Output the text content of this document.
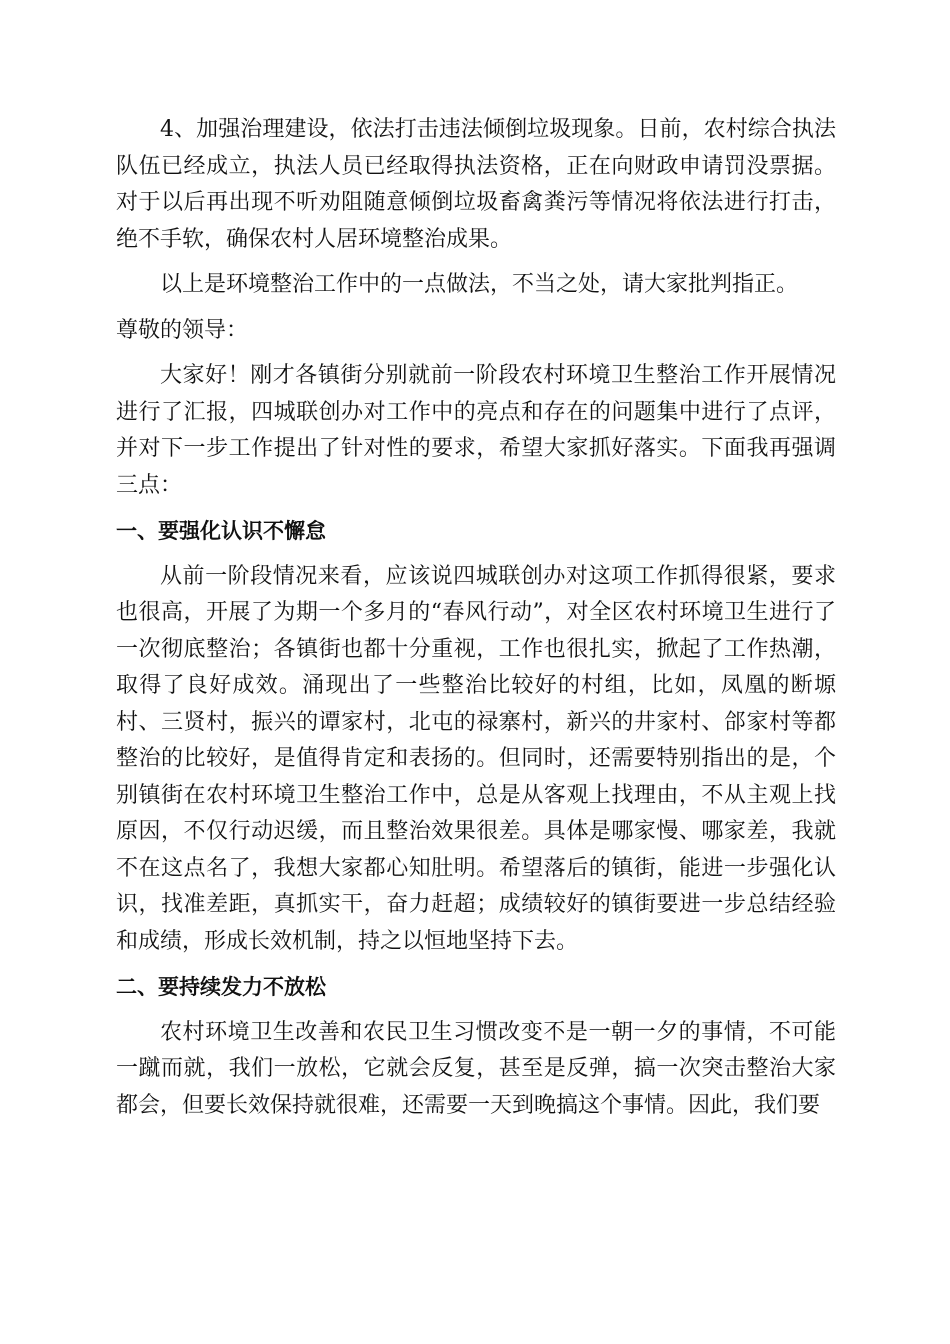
4、加强治理建设，依法打击违法倾倒垃圾现象。日前，农村综合执法队伍已经成立，执法人员已经取得执法资格，正在向财政申请罚没票据。对于以后再出现不听劝阻随意倾倒垃圾畜禽粪污等情况将依法进行打击，绝不手软，确保农村人居环境整治成果。

以上是环境整治工作中的一点做法，不当之处，请大家批判指正。

尊敬的领导：

大家好！刚才各镇街分别就前一阶段农村环境卫生整治工作开展情况进行了汇报，四城联创办对工作中的亮点和存在的问题集中进行了点评，并对下一步工作提出了针对性的要求，希望大家抓好落实。下面我再强调三点：

一、要强化认识不懈怠

从前一阶段情况来看，应该说四城联创办对这项工作抓得很紧，要求也很高，开展了为期一个多月的“春风行动”，对全区农村环境卫生进行了一次彻底整治；各镇街也都十分重视，工作也很扎实，掀起了工作热潮，取得了良好成效。涌现出了一些整治比较好的村组，比如，凤凰的断塬村、三贤村，振兴的谭家村，北屯的禄寨村，新兴的井家村、郃家村等都整治的比较好，是值得肯定和表扬的。但同时，还需要特别指出的是，个别镇街在农村环境卫生整治工作中，总是从客观上找理由，不从主观上找原因，不仅行动迟缓，而且整治效果很差。具体是哪家慢、哪家差，我就不在这点名了，我想大家都心知肚明。希望落后的镇街，能进一步强化认识，找准差距，真抓实干，奋力赶超；成绩较好的镇街要进一步总结经验和成绩，形成长效机制，持之以恒地坚持下去。

二、要持续发力不放松

农村环境卫生改善和农民卫生习惯改变不是一朝一夕的事情，不可能一蹴而就，我们一放松，它就会反复，甚至是反弹，搞一次突击整治大家都会，但要长效保持就很难，还需要一天到晚搞这个事情。因此，我们要
